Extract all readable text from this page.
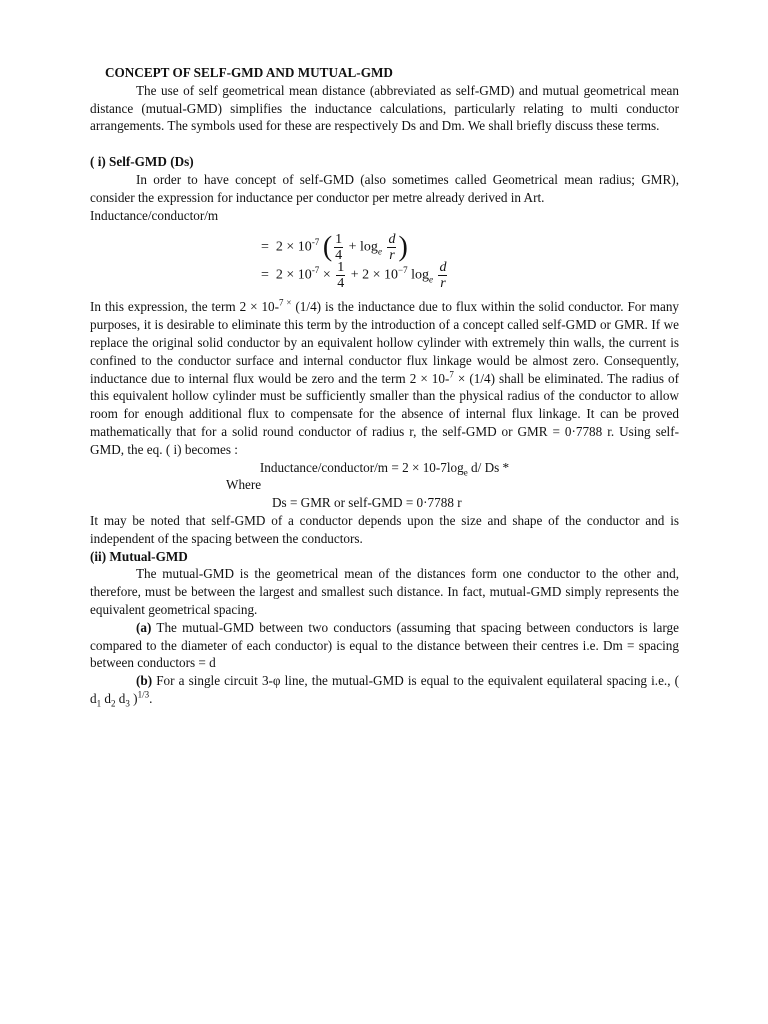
CONCEPT OF SELF-GMD AND MUTUAL-GMD

The use of self geometrical mean distance (abbreviated as self-GMD) and mutual geometrical mean distance (mutual-GMD) simplifies the inductance calculations, particularly relating to multi conductor arrangements. The symbols used for these are respectively Ds and Dm. We shall briefly discuss these terms.

( i) Self-GMD (Ds)

In order to have concept of self-GMD (also sometimes called Geometrical mean radius; GMR), consider the expression for inductance per conductor per metre already derived in Art.

Inductance/conductor/m

= $2 \times 10^{-7}$ ( $\frac{1}{4} + \log_e \frac{d}{r}$ )
= $2 \times 10^{-7} \times \frac{1}{4} + 2 \times 10^{-7}$ $\log_e \frac{d}{r}$

In this expression, the term 2 × 10-$^{7 \times}$ (1/4) is the inductance due to flux within the solid conductor. For many purposes, it is desirable to eliminate this term by the introduction of a concept called self-GMD or GMR. If we replace the original solid conductor by an equivalent hollow cylinder with extremely thin walls, the current is confined to the conductor surface and internal conductor flux linkage would be almost zero. Consequently, inductance due to internal flux would be zero and the term 2 × 10-$^7$ × (1/4) shall be eliminated. The radius of this equivalent hollow cylinder must be sufficiently smaller than the physical radius of the conductor to allow room for enough additional flux to compensate for the absence of internal flux linkage. It can be proved mathematically that for a solid round conductor of radius r, the self-GMD or GMR = 0·7788 r. Using self-GMD, the eq. ( i) becomes :

Inductance/conductor/m = $2 \times 10-7\log_e$ d/ Ds *

Where

Ds = GMR or self-GMD = 0·7788 r

It may be noted that self-GMD of a conductor depends upon the size and shape of the conductor and is independent of the spacing between the conductors.

(ii) Mutual-GMD

The mutual-GMD is the geometrical mean of the distances form one conductor to the other and, therefore, must be between the largest and smallest such distance. In fact, mutual-GMD simply represents the equivalent geometrical spacing.

(a) The mutual-GMD between two conductors (assuming that spacing between conductors is large compared to the diameter of each conductor) is equal to the distance between their centres i.e. Dm = spacing between conductors = d

(b) For a single circuit 3-φ line, the mutual-GMD is equal to the equivalent equilateral spacing i.e., ( $d_1$ $d_2$ $d_3$ )$^{1/3}$.
